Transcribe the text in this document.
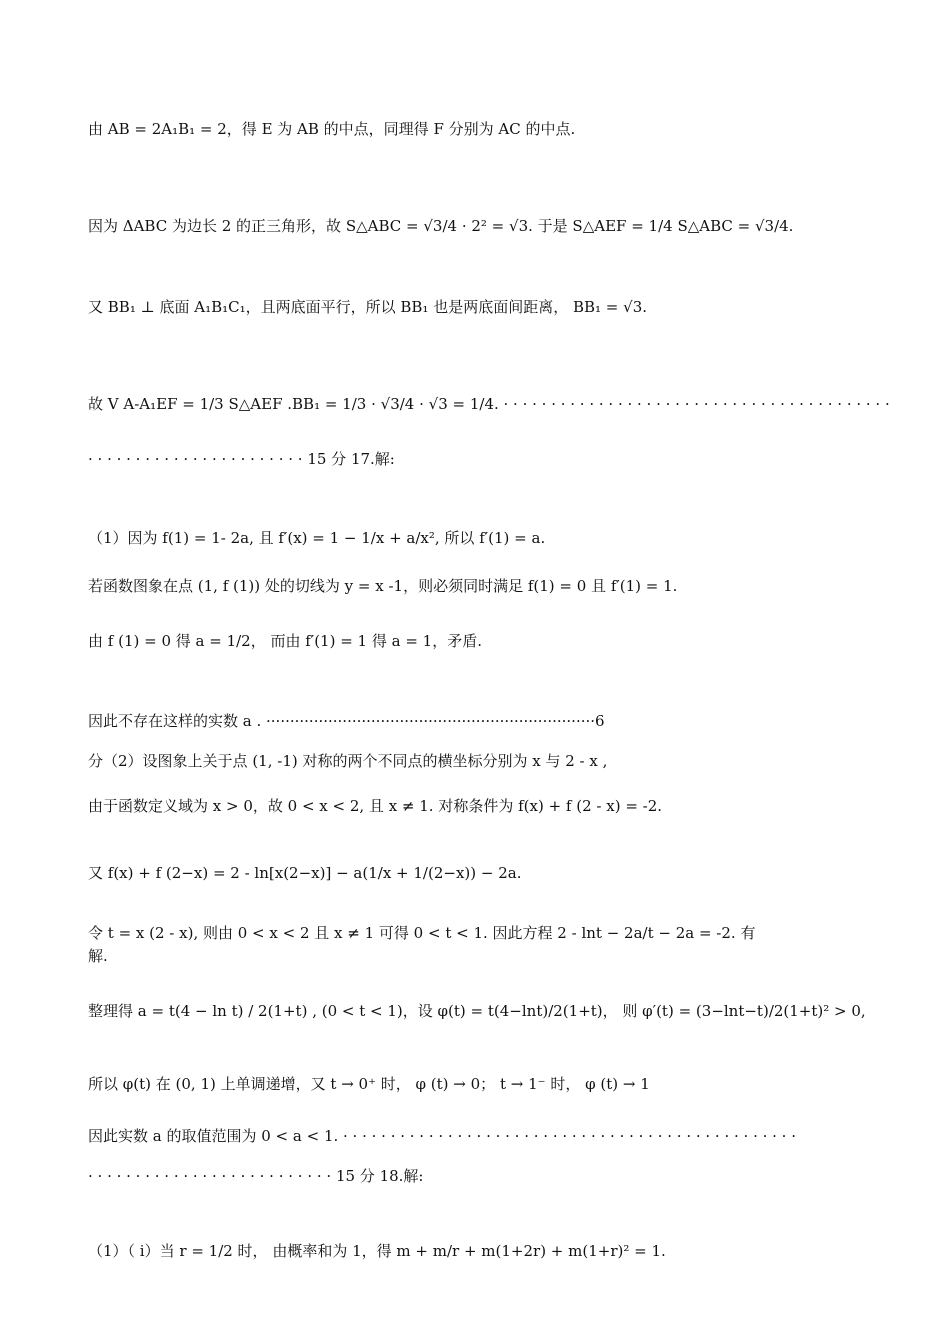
由 AB = 2A₁B₁ = 2，得 E 为 AB 的中点，同理得 F 分别为 AC 的中点.
因为 ΔABC 为边长 2 的正三角形，故 S△ABC = √3/4 · 2² = √3. 于是 S△AEF = 1/4 S△ABC = √3/4.
又 BB₁ ⊥ 底面 A₁B₁C₁，且两底面平行，所以 BB₁ 也是两底面间距离， BB₁ = √3.
故 V A-A₁EF = 1/3 S△AEF .BB₁ = 1/3 · √3/4 · √3 = 1/4. · · · · · · · · · · · · · · · · · · · · · · · · · · · · · · · · · · · · · · · · ·
· · · · · · · · · · · · · · · · · · · · · · · 15 分 17.解:
（1）因为 f(1) = 1- 2a, 且 f′(x) = 1 − 1/x + a/x², 所以 f′(1) = a.
若函数图象在点 (1, f (1)) 处的切线为 y = x -1，则必须同时满足 f(1) = 0 且 f′(1) = 1.
由 f (1) = 0 得 a = 1/2， 而由 f′(1) = 1 得 a = 1，矛盾.
因此不存在这样的实数 a . ·····································································6
分（2）设图象上关于点 (1, -1) 对称的两个不同点的横坐标分别为 x 与 2 - x ,
由于函数定义域为 x > 0，故 0 < x < 2, 且 x ≠ 1. 对称条件为 f(x) + f (2 - x) = -2.
又 f(x) + f (2−x) = 2 - ln[x(2−x)] − a(1/x + 1/(2−x)) − 2a.
令 t = x (2 - x), 则由 0 < x < 2 且 x ≠ 1 可得 0 < t < 1. 因此方程 2 - lnt − 2a/t − 2a = -2. 有
解.
整理得 a = t(4 − ln t) / 2(1+t) , (0 < t < 1)，设 φ(t) = t(4−lnt)/2(1+t)， 则 φ′(t) = (3−lnt−t)/2(1+t)² > 0,
所以 φ(t) 在 (0, 1) 上单调递增，又 t → 0⁺ 时， φ (t) → 0； t → 1⁻ 时， φ (t) → 1
因此实数 a 的取值范围为 0 < a < 1. · · · · · · · · · · · · · · · · · · · · · · · · · · · · · · · · · · · · · · · · · · · · · · · ·
· · · · · · · · · · · · · · · · · · · · · · · · · · 15 分 18.解:
（1）（ ⅰ）当 r = 1/2 时， 由概率和为 1，得 m + m/r + m(1+2r) + m(1+r)² = 1.
